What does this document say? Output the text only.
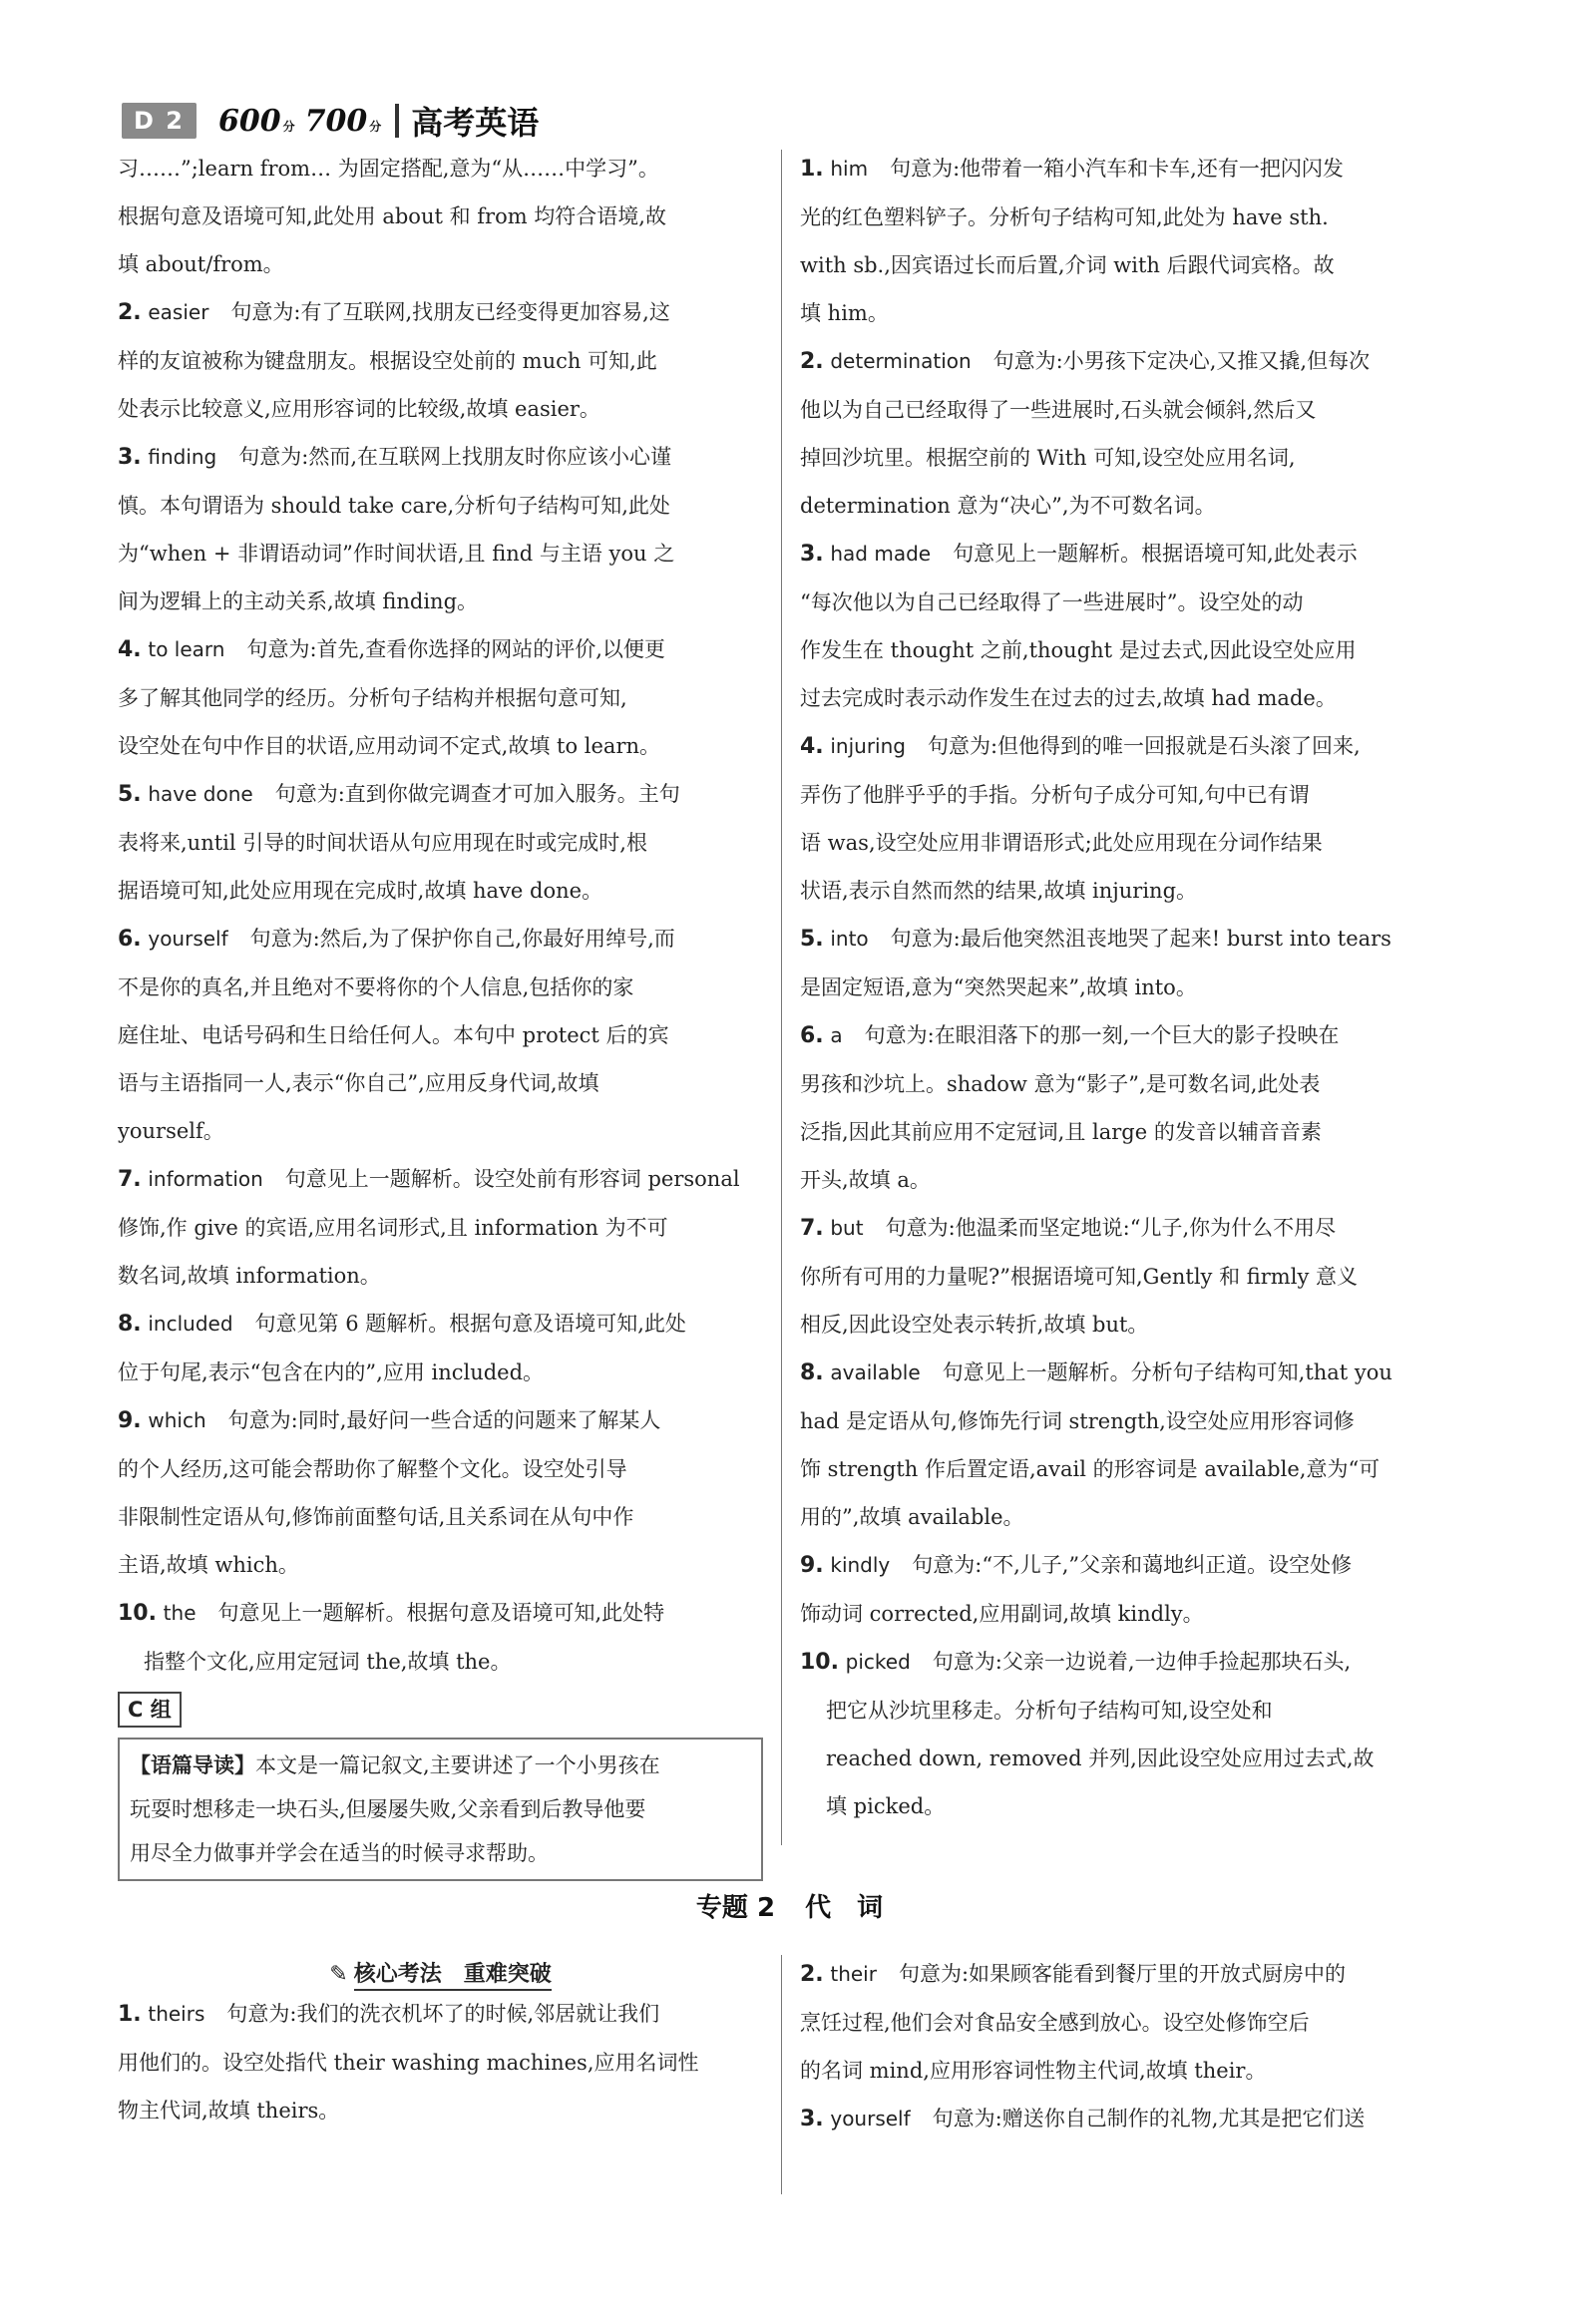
D 2	600 分 700 分 高考英语
习……”;learn from… 为固定搭配,意为“从……中学习”。
根据句意及语境可知,此处用 about 和 from 均符合语境,故
填 about/from。
2. easier 句意为:有了互联网,找朋友已经变得更加容易,这
样的友谊被称为键盘朋友。根据设空处前的 much 可知,此
处表示比较意义,应用形容词的比较级,故填 easier。
3. finding 句意为:然而,在互联网上找朋友时你应该小心谨
慎。本句谓语为 should take care,分析句子结构可知,此处
为“when + 非谓语动词”作时间状语,且 find 与主语 you 之
间为逻辑上的主动关系,故填 finding。
4. to learn 句意为:首先,查看你选择的网站的评价,以便更
多了解其他同学的经历。分析句子结构并根据句意可知,
设空处在句中作目的状语,应用动词不定式,故填 to learn。
5. have done 句意为:直到你做完调查才可加入服务。主句
表将来,until 引导的时间状语从句应用现在时或完成时,根
据语境可知,此处应用现在完成时,故填 have done。
6. yourself 句意为:然后,为了保护你自己,你最好用绰号,而
不是你的真名,并且绝对不要将你的个人信息,包括你的家
庭住址、电话号码和生日给任何人。本句中 protect 后的宾
语与主语指同一人,表示“你自己”,应用反身代词,故填
yourself。
7. information 句意见上一题解析。设空处前有形容词 personal
修饰,作 give 的宾语,应用名词形式,且 information 为不可
数名词,故填 information。
8. included 句意见第 6 题解析。根据句意及语境可知,此处
位于句尾,表示“包含在内的”,应用 included。
9. which 句意为:同时,最好问一些合适的问题来了解某人
的个人经历,这可能会帮助你了解整个文化。设空处引导
非限制性定语从句,修饰前面整句话,且关系词在从句中作
主语,故填 which。
10. the 句意见上一题解析。根据句意及语境可知,此处特
指整个文化,应用定冠词 the,故填 the。
C 组
【语篇导读】本文是一篇记叙文,主要讲述了一个小男孩在
玩耍时想移走一块石头,但屡屡失败,父亲看到后教导他要
用尽全力做事并学会在适当的时候寻求帮助。
1. him 句意为:他带着一箱小汽车和卡车,还有一把闪闪发
光的红色塑料铲子。分析句子结构可知,此处为 have sth.
with sb.,因宾语过长而后置,介词 with 后跟代词宾格。故
填 him。
2. determination 句意为:小男孩下定决心,又推又撬,但每次
他以为自己已经取得了一些进展时,石头就会倾斜,然后又
掉回沙坑里。根据空前的 With 可知,设空处应用名词,
determination 意为“决心”,为不可数名词。
3. had made 句意见上一题解析。根据语境可知,此处表示
“每次他以为自己已经取得了一些进展时”。设空处的动
作发生在 thought 之前,thought 是过去式,因此设空处应用
过去完成时表示动作发生在过去的过去,故填 had made。
4. injuring 句意为:但他得到的唯一回报就是石头滚了回来,
弄伤了他胖乎乎的手指。分析句子成分可知,句中已有谓
语 was,设空处应用非谓语形式;此处应用现在分词作结果
状语,表示自然而然的结果,故填 injuring。
5. into 句意为:最后他突然沮丧地哭了起来! burst into tears
是固定短语,意为“突然哭起来”,故填 into。
6. a 句意为:在眼泪落下的那一刻,一个巨大的影子投映在
男孩和沙坑上。shadow 意为“影子”,是可数名词,此处表
泛指,因此其前应用不定冠词,且 large 的发音以辅音音素
开头,故填 a。
7. but 句意为:他温柔而坚定地说:“儿子,你为什么不用尽
你所有可用的力量呢?”根据语境可知,Gently 和 firmly 意义
相反,因此设空处表示转折,故填 but。
8. available 句意见上一题解析。分析句子结构可知,that you
had 是定语从句,修饰先行词 strength,设空处应用形容词修
饰 strength 作后置定语,avail 的形容词是 available,意为“可
用的”,故填 available。
9. kindly 句意为:“不,儿子,”父亲和蔼地纠正道。设空处修
饰动词 corrected,应用副词,故填 kindly。
10. picked 句意为:父亲一边说着,一边伸手捡起那块石头,
把它从沙坑里移走。分析句子结构可知,设空处和
reached down, removed 并列,因此设空处应用过去式,故
填 picked。
专题 2 代　词
✎ 核心考法　重难突破
1. theirs 句意为:我们的洗衣机坏了的时候,邻居就让我们
用他们的。设空处指代 their washing machines,应用名词性
物主代词,故填 theirs。
2. their 句意为:如果顾客能看到餐厅里的开放式厨房中的
烹饪过程,他们会对食品安全感到放心。设空处修饰空后
的名词 mind,应用形容词性物主代词,故填 their。
3. yourself 句意为:赠送你自己制作的礼物,尤其是把它们送
